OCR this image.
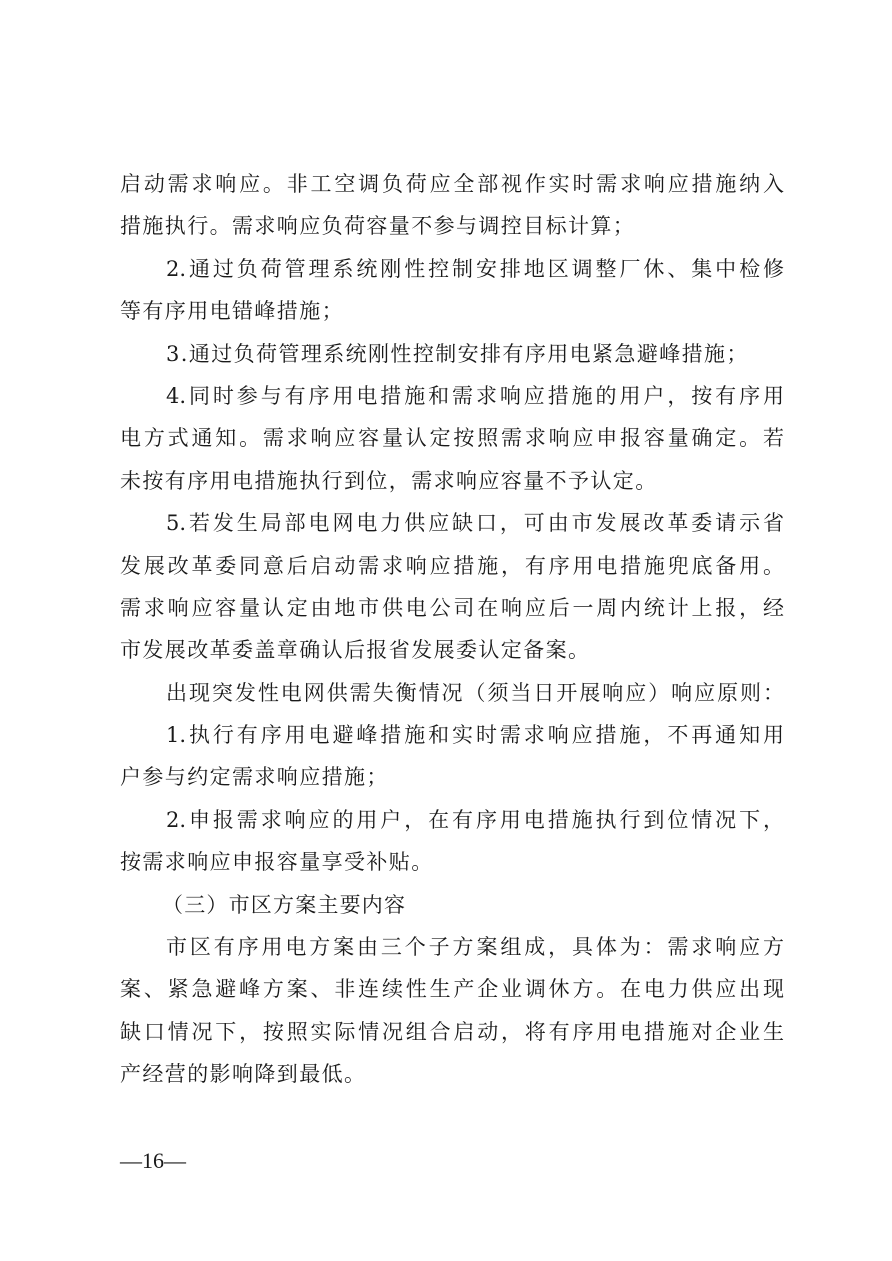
启动需求响应。非工空调负荷应全部视作实时需求响应措施纳入
措施执行。需求响应负荷容量不参与调控目标计算；
2.通过负荷管理系统刚性控制安排地区调整厂休、集中检修
等有序用电错峰措施；
3.通过负荷管理系统刚性控制安排有序用电紧急避峰措施；
4.同时参与有序用电措施和需求响应措施的用户，按有序用
电方式通知。需求响应容量认定按照需求响应申报容量确定。若
未按有序用电措施执行到位，需求响应容量不予认定。
5.若发生局部电网电力供应缺口，可由市发展改革委请示省
发展改革委同意后启动需求响应措施，有序用电措施兜底备用。
需求响应容量认定由地市供电公司在响应后一周内统计上报，经
市发展改革委盖章确认后报省发展委认定备案。
出现突发性电网供需失衡情况（须当日开展响应）响应原则：
1.执行有序用电避峰措施和实时需求响应措施，不再通知用
户参与约定需求响应措施；
2.申报需求响应的用户，在有序用电措施执行到位情况下，
按需求响应申报容量享受补贴。
（三）市区方案主要内容
市区有序用电方案由三个子方案组成，具体为：需求响应方
案、紧急避峰方案、非连续性生产企业调休方。在电力供应出现
缺口情况下，按照实际情况组合启动，将有序用电措施对企业生
产经营的影响降到最低。
—16—
